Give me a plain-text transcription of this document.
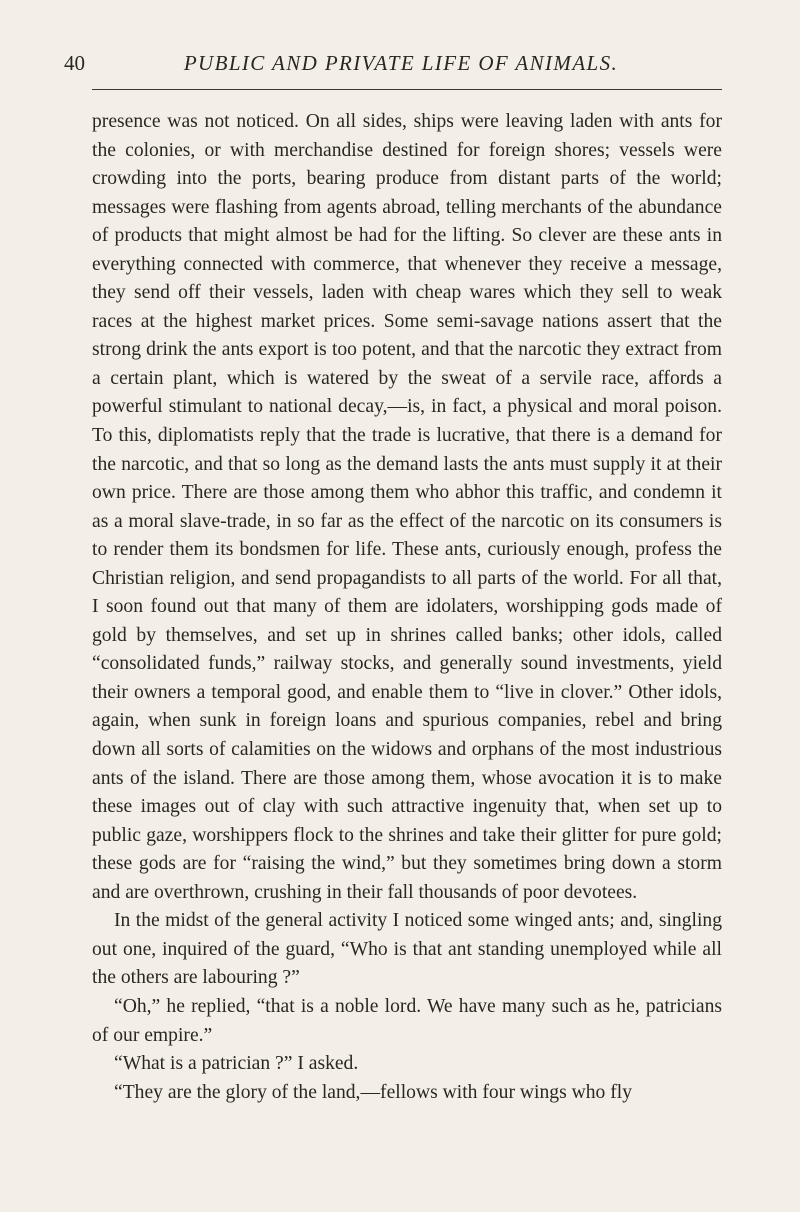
40	PUBLIC AND PRIVATE LIFE OF ANIMALS.

presence was not noticed. On all sides, ships were leaving laden with ants for the colonies, or with merchandise destined for foreign shores; vessels were crowding into the ports, bearing produce from distant parts of the world; messages were flashing from agents abroad, telling merchants of the abundance of products that might almost be had for the lifting. So clever are these ants in everything connected with commerce, that whenever they receive a message, they send off their vessels, laden with cheap wares which they sell to weak races at the highest market prices. Some semi-savage nations assert that the strong drink the ants export is too potent, and that the narcotic they extract from a certain plant, which is watered by the sweat of a servile race, affords a powerful stimulant to national decay,—is, in fact, a physical and moral poison. To this, diplomatists reply that the trade is lucrative, that there is a demand for the narcotic, and that so long as the demand lasts the ants must supply it at their own price. There are those among them who abhor this traffic, and condemn it as a moral slave-trade, in so far as the effect of the narcotic on its consumers is to render them its bondsmen for life. These ants, curiously enough, profess the Christian religion, and send propagandists to all parts of the world. For all that, I soon found out that many of them are idolaters, worshipping gods made of gold by themselves, and set up in shrines called banks; other idols, called “consolidated funds,” railway stocks, and generally sound investments, yield their owners a temporal good, and enable them to “live in clover.” Other idols, again, when sunk in foreign loans and spurious companies, rebel and bring down all sorts of calamities on the widows and orphans of the most industrious ants of the island. There are those among them, whose avocation it is to make these images out of clay with such attractive ingenuity that, when set up to public gaze, worshippers flock to the shrines and take their glitter for pure gold; these gods are for “raising the wind,” but they sometimes bring down a storm and are overthrown, crushing in their fall thousands of poor devotees.

In the midst of the general activity I noticed some winged ants; and, singling out one, inquired of the guard, “Who is that ant standing unemployed while all the others are labouring ?”

“Oh,” he replied, “that is a noble lord. We have many such as he, patricians of our empire.”

“What is a patrician ?” I asked.

“They are the glory of the land,—fellows with four wings who fly
